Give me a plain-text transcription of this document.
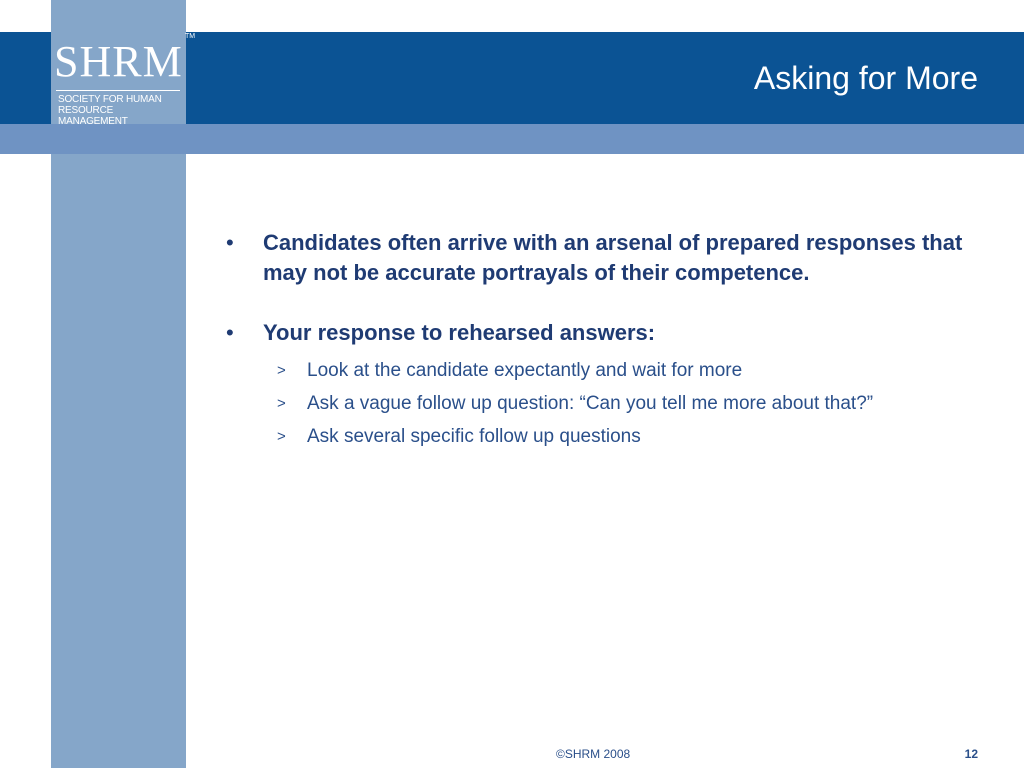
SHRM
SOCIETY FOR HUMAN
RESOURCE MANAGEMENT
TM
Asking for More
• Candidates often arrive with an arsenal of prepared responses that may not be accurate portrayals of their competence.
• Your response to rehearsed answers:
> Look at the candidate expectantly and wait for more
> Ask a vague follow up question: “Can you tell me more about that?”
> Ask several specific follow up questions
©SHRM 2008	12
